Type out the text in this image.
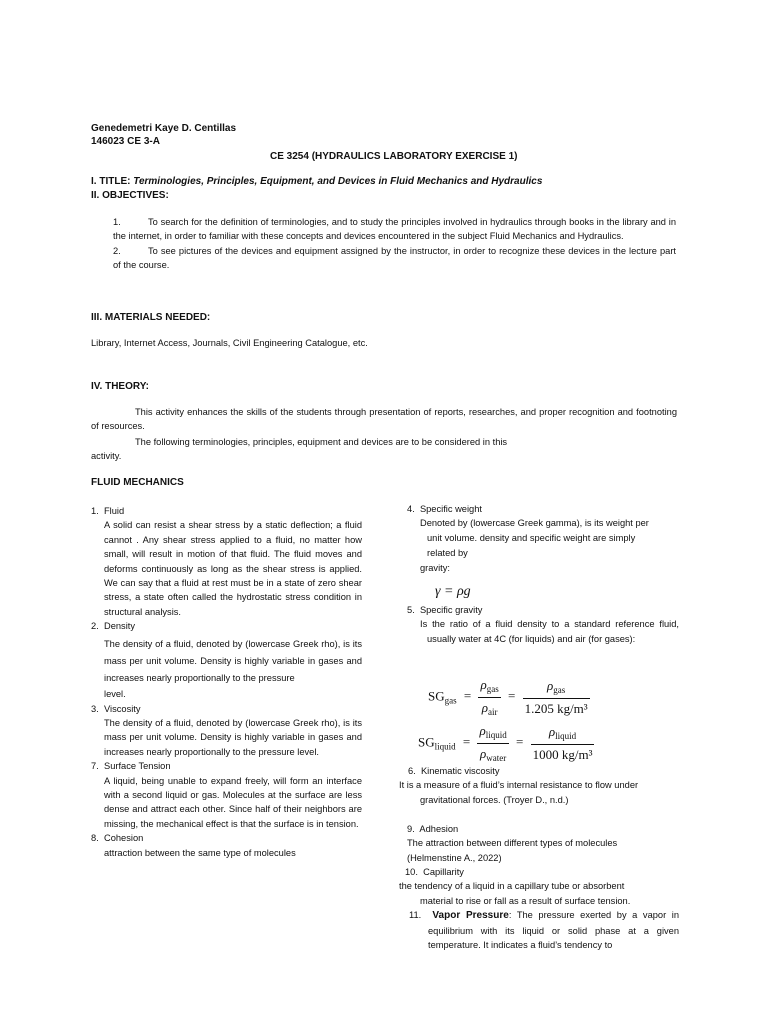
Genedemetri Kaye D. Centillas
146023 CE 3-A
CE 3254 (HYDRAULICS LABORATORY EXERCISE 1)
I. TITLE: Terminologies, Principles, Equipment, and Devices in Fluid Mechanics and Hydraulics
II. OBJECTIVES:
1.	To search for the definition of terminologies, and to study the principles involved in hydraulics through books in the library and in the internet, in order to familiar with these concepts and devices encountered in the subject Fluid Mechanics and Hydraulics.
2.	To see pictures of the devices and equipment assigned by the instructor, in order to recognize these devices in the lecture part of the course.
III. MATERIALS NEEDED:
Library, Internet Access, Journals, Civil Engineering Catalogue, etc.
IV. THEORY:
This activity enhances the skills of the students through presentation of reports, researches, and proper recognition and footnoting of resources.
The following terminologies, principles, equipment and devices are to be considered in this
activity.
FLUID MECHANICS
1. Fluid
A solid can resist a shear stress by a static deflection; a fluid cannot . Any shear stress applied to a fluid, no matter how small, will result in motion of that fluid. The fluid moves and deforms continuously as long as the shear stress is applied. We can say that a fluid at rest must be in a state of zero shear stress, a state often called the hydrostatic stress condition in structural analysis.
2. Density
The density of a fluid, denoted by (lowercase Greek rho), is its mass per unit volume. Density is highly variable in gases and increases nearly proportionally to the pressure
level.
3. Viscosity
The density of a fluid, denoted by (lowercase Greek rho), is its mass per unit volume. Density is highly variable in gases and increases nearly proportionally to the pressure level.
7. Surface Tension
A liquid, being unable to expand freely, will form an interface with a second liquid or gas. Molecules at the surface are less dense and attract each other. Since half of their neighbors are missing, the mechanical effect is that the surface is in tension.
8. Cohesion
attraction between the same type of molecules
4. Specific weight
Denoted by (lowercase Greek gamma), is its weight per
unit volume. density and specific weight are simply
related by
gravity:
γ = ρg
5. Specific gravity
Is the ratio of a fluid density to a standard reference fluid, usually water at 4C (for liquids) and air (for gases):
$SG_{gas} = \frac{\rho_{gas}}{\rho_{air}} = \frac{\rho_{gas}}{\text{1.205 kg/m³}}$
$SG_{liquid} = \frac{\rho_{liquid}}{\rho_{water}} = \frac{\rho_{liquid}}{\text{1000 kg/m³}}$
6. Kinematic viscosity
It is a measure of a fluid’s internal resistance to flow under
gravitational forces. (Troyer D., n.d.)
9. Adhesion
The attraction between different types of molecules
(Helmenstine A., 2022)
10. Capillarity
the tendency of a liquid in a capillary tube or absorbent
material to rise or fall as a result of surface tension.
11. Vapor Pressure: The pressure exerted by a vapor in equilibrium with its liquid or solid phase at a given temperature. It indicates a fluid’s tendency to
